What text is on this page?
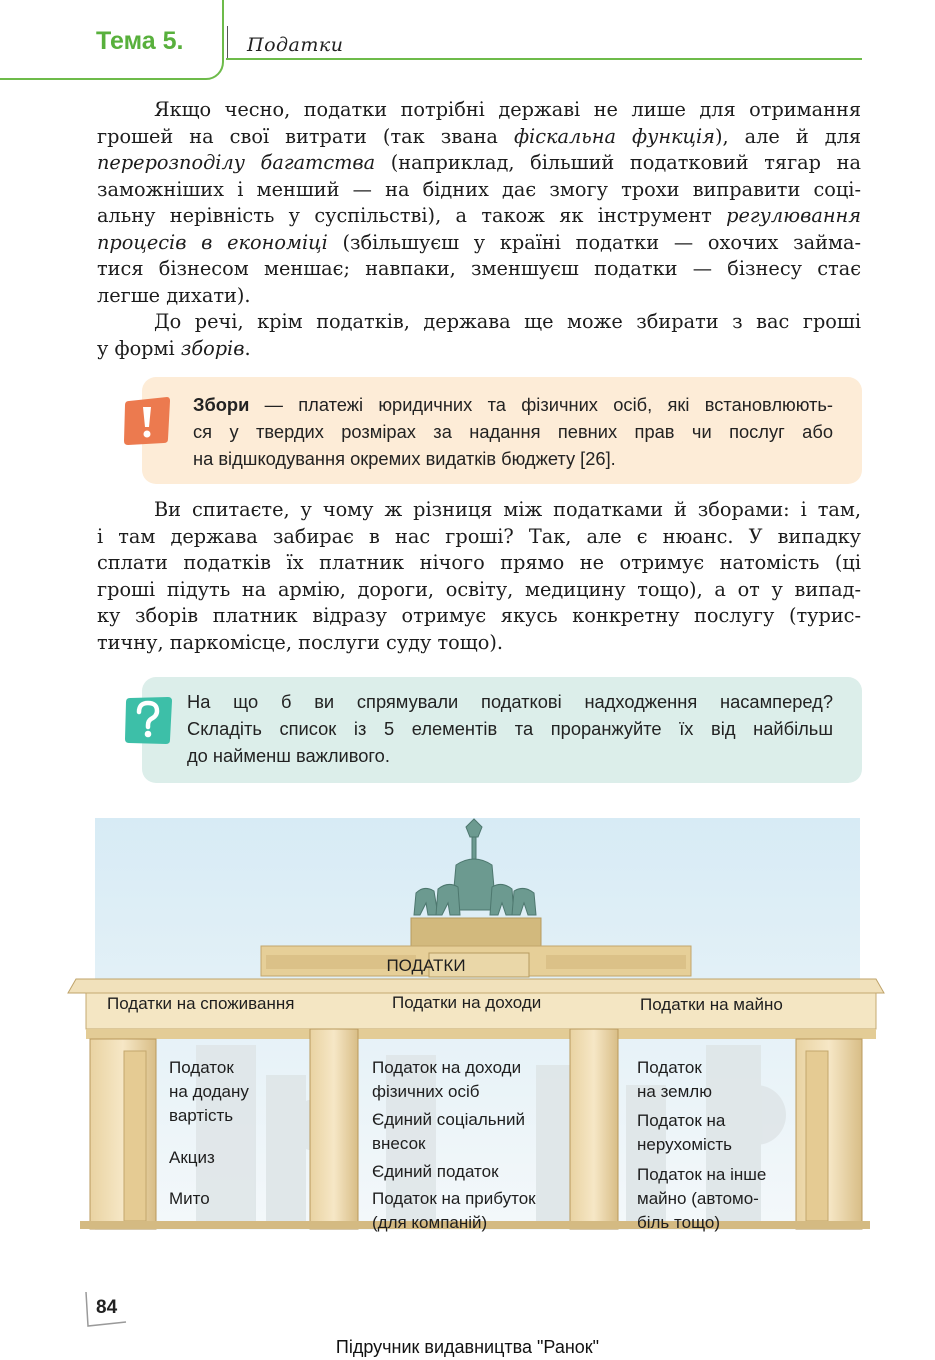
Тема 5.	Податки
Якщо чесно, податки потрібні державі не лише для отримання
грошей на свої витрати (так звана фіскальна функція), але й для
перерозподілу багатства (наприклад, більший податковий тягар на
заможніших і менший — на бідних дає змогу трохи виправити соці-
альну нерівність у суспільстві), а також як інструмент регулювання
процесів в економіці (збільшуєш у країні податки — охочих займа-
тися бізнесом меншає; навпаки, зменшуєш податки — бізнесу стає
легше дихати).
До речі, крім податків, держава ще може збирати з вас гроші
у формі зборів.
Збори — платежі юридичних та фізичних осіб, які встановлюють-
ся у твердих розмірах за надання певних прав чи послуг або
на відшкодування окремих видатків бюджету [26].
Ви спитаєте, у чому ж різниця між податками й зборами: і там,
і там держава забирає в нас гроші? Так, але є нюанс. У випадку
сплати податків їх платник нічого прямо не отримує натомість (ці
гроші підуть на армію, дороги, освіту, медицину тощо), а от у випад-
ку зборів платник відразу отримує якусь конкретну послугу (турис-
тичну, паркомісце, послуги суду тощо).
На що б ви спрямували податкові надходження насамперед?
Складіть список із 5 елементів та проранжуйте їх від найбільш
до найменш важливого.
ПОДАТКИ
Податки на споживання	Податки на доходи	Податки на майно
Податок
на додану
вартість
Акциз
Мито
Податок на доходи
фізичних осіб
Єдиний соціальний
внесок
Єдиний податок
Податок на прибуток
(для компаній)
Податок
на землю
Податок на
нерухомість
Податок на інше
майно (автомо-
біль тощо)
84
Підручник видавництва "Ранок"
